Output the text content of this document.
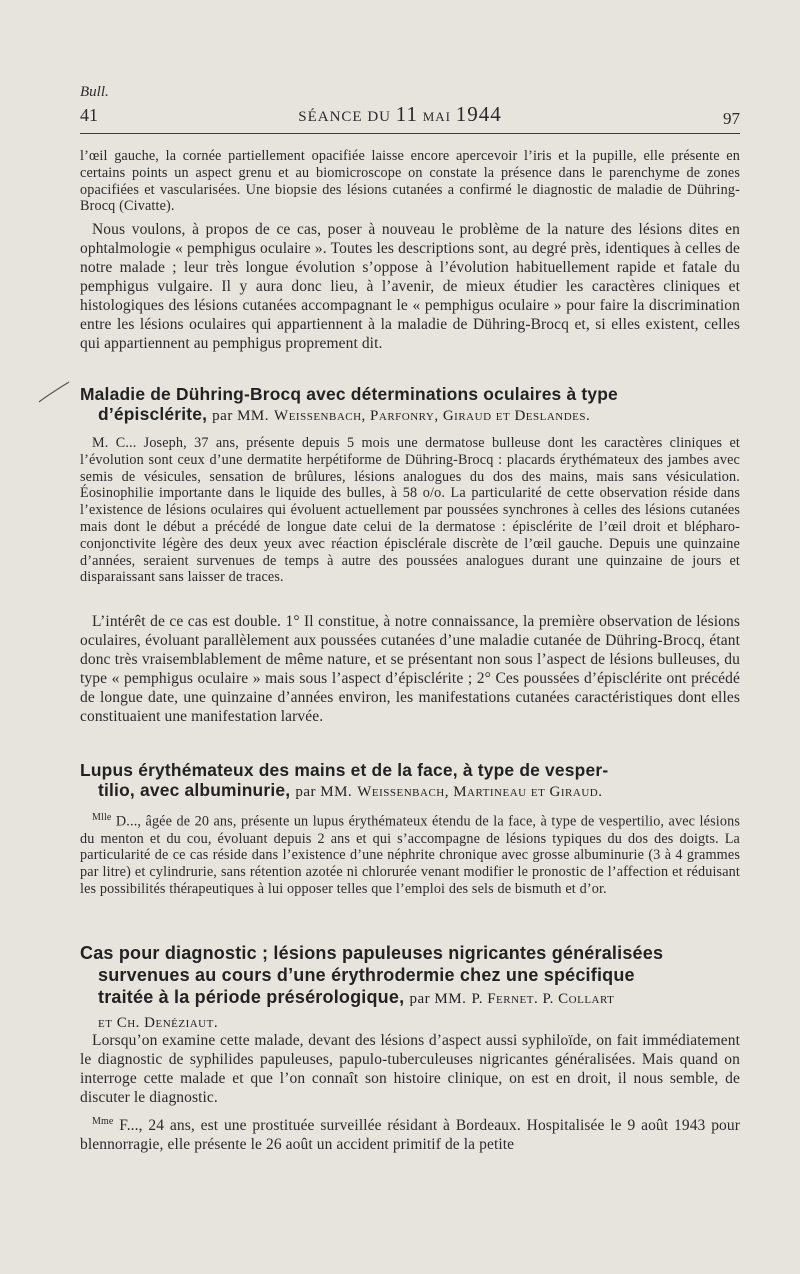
Bull.
41	SÉANCE DU 11 MAI 1944	97

l’œil gauche, la cornée partiellement opacifiée laisse encore apercevoir l’iris et la pupille, elle présente en certains points un aspect grenu et au biomicroscope on constate la présence dans le parenchyme de zones opacifiées et vascularisées. Une biopsie des lésions cutanées a confirmé le diagnostic de maladie de Dühring-Brocq (Civatte).

Nous voulons, à propos de ce cas, poser à nouveau le problème de la nature des lésions dites en ophtalmologie « pemphigus oculaire ». Toutes les descriptions sont, au degré près, identiques à celles de notre malade ; leur très longue évolution s’oppose à l’évolution habituellement rapide et fatale du pemphigus vulgaire. Il y aura donc lieu, à l’avenir, de mieux étudier les caractères cliniques et histologiques des lésions cutanées accompagnant le « pemphigus oculaire » pour faire la discrimination entre les lésions oculaires qui appartiennent à la maladie de Dühring-Brocq et, si elles existent, celles qui appartiennent au pemphigus proprement dit.

Maladie de Dühring-Brocq avec déterminations oculaires à type
d’épisclérite, par MM. Weissenbach, Parfonry, Giraud et Deslandes.

M. C... Joseph, 37 ans, présente depuis 5 mois une dermatose bulleuse dont les caractères cliniques et l’évolution sont ceux d’une dermatite herpétiforme de Dühring-Brocq : placards érythémateux des jambes avec semis de vésicules, sensation de brûlures, lésions analogues du dos des mains, mais sans vésiculation. Éosinophilie importante dans le liquide des bulles, à 58 o/o. La particularité de cette observation réside dans l’existence de lésions oculaires qui évoluent actuellement par poussées synchrones à celles des lésions cutanées mais dont le début a précédé de longue date celui de la dermatose : épisclérite de l’œil droit et blépharo-conjonctivite légère des deux yeux avec réaction épisclérale discrète de l’œil gauche. Depuis une quinzaine d’années, seraient survenues de temps à autre des poussées analogues durant une quinzaine de jours et disparaissant sans laisser de traces.

L’intérêt de ce cas est double. 1° Il constitue, à notre connaissance, la première observation de lésions oculaires, évoluant parallèlement aux poussées cutanées d’une maladie cutanée de Dühring-Brocq, étant donc très vraisemblablement de même nature, et se présentant non sous l’aspect de lésions bulleuses, du type « pemphigus oculaire » mais sous l’aspect d’épisclérite ; 2° Ces poussées d’épisclérite ont précédé de longue date, une quinzaine d’années environ, les manifestations cutanées caractéristiques dont elles constituaient une manifestation larvée.

Lupus érythémateux des mains et de la face, à type de vesper-
tilio, avec albuminurie, par MM. Weissenbach, Martineau et Giraud.

$^{Mlle}$ D..., âgée de 20 ans, présente un lupus érythémateux étendu de la face, à type de vespertilio, avec lésions du menton et du cou, évoluant depuis 2 ans et qui s’accompagne de lésions typiques du dos des doigts. La particularité de ce cas réside dans l’existence d’une néphrite chronique avec grosse albuminurie (3 à 4 grammes par litre) et cylindrurie, sans rétention azotée ni chlorurée venant modifier le pronostic de l’affection et réduisant les possibilités thérapeutiques à lui opposer telles que l’emploi des sels de bismuth et d’or.

Cas pour diagnostic ; lésions papuleuses nigricantes généralisées
survenues au cours d’une érythrodermie chez une spécifique
traitée à la période présérologique, par MM. P. Fernet. P. Collart
et Ch. Denéziaut.

Lorsqu’on examine cette malade, devant des lésions d’aspect aussi syphiloïde, on fait immédiatement le diagnostic de syphilides papuleuses, papulo-tuberculeuses nigricantes généralisées. Mais quand on interroge cette malade et que l’on connaît son histoire clinique, on est en droit, il nous semble, de discuter le diagnostic.

$^{Mme}$ F..., 24 ans, est une prostituée surveillée résidant à Bordeaux. Hospitalisée le 9 août 1943 pour blennorragie, elle présente le 26 août un accident primitif de la petite
